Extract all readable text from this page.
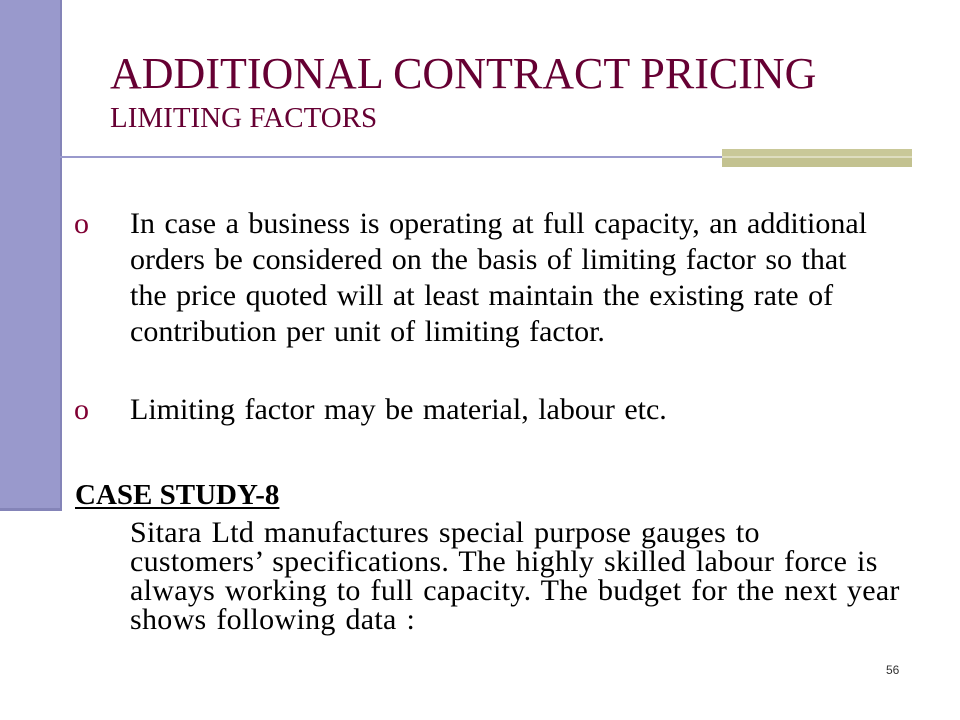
ADDITIONAL CONTRACT PRICING
LIMITING FACTORS
o In case a business is operating at full capacity, an additional
orders be considered on the basis of limiting factor so that
the price quoted will at least maintain the existing rate of
contribution per unit of limiting factor.
o Limiting factor may be material, labour etc.
CASE STUDY-8
Sitara Ltd manufactures special purpose gauges to
customers’ specifications. The highly skilled labour force is
always working to full capacity. The budget for the next year
shows following data :
56
